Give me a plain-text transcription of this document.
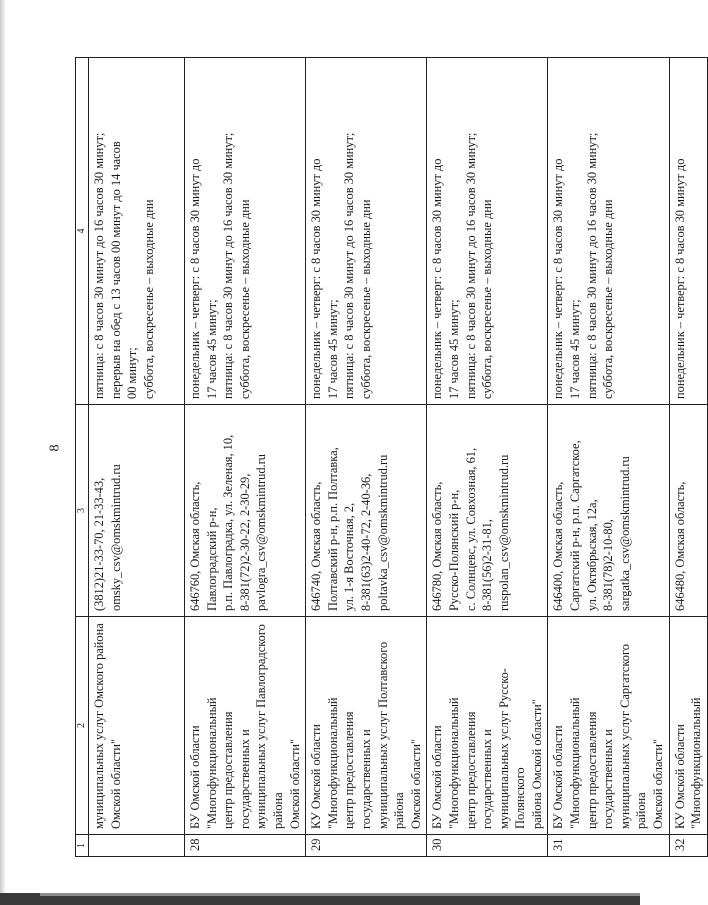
8
1	2	3	4

	муниципальных услуг Омского района Омской области"	(3812)21-33-70, 21-33-43, omsky_csv@omskmintrud.ru	пятница: с 8 часов 30 минут до 16 часов 30 минут; перерыв на обед с 13 часов 00 минут до 14 часов 00 минут; суббота, воскресенье – выходные дни

28	БУ Омской области "Многофункциональный центр предоставления государственных и муниципальных услуг Павлоградского района Омской области"	646760, Омская область, Павлоградский р-н, р.п. Павлоградка, ул. Зеленая, 10, 8-381(72)2-30-22, 2-30-29, pavlogra_csv@omskmintrud.ru	понедельник – четверг: с 8 часов 30 минут до 17 часов 45 минут; пятница: с 8 часов 30 минут до 16 часов 30 минут; суббота, воскресенье – выходные дни

29	КУ Омской области "Многофункциональный центр предоставления государственных и муниципальных услуг Полтавского района Омской области"	646740, Омская область, Полтавский р-н, р.п. Полтавка, ул. 1-я Восточная, 2, 8-381(63)2-40-72, 2-40-36, poltavka_csv@omskmintrud.ru	понедельник – четверг: с 8 часов 30 минут до 17 часов 45 минут; пятница: с 8 часов 30 минут до 16 часов 30 минут; суббота, воскресенье – выходные дни

30	БУ Омской области "Многофункциональный центр предоставления государственных и муниципальных услуг Русско-Полянского района Омской области"	646780, Омская область, Русско-Полянский р-н, с. Солнцевс, ул. Совхозная, 61, 8-381(56)2-31-81, ruspolan_csv@omskmintrud.ru	понедельник – четверг: с 8 часов 30 минут до 17 часов 45 минут; пятница: с 8 часов 30 минут до 16 часов 30 минут; суббота, воскресенье – выходные дни

31	БУ Омской области "Многофункциональный центр предоставления государственных и муниципальных услуг Саргатского района Омской области"	646400, Омская область, Саргатский р-н, р.п. Саргатское, ул. Октябрьская, 12а, 8-381(78)2-10-80, sargatka_csv@omskmintrud.ru	понедельник – четверг: с 8 часов 30 минут до 17 часов 45 минут; пятница: с 8 часов 30 минут до 16 часов 30 минут; суббота, воскресенье – выходные дни

32	КУ Омской области "Многофункциональный	646480, Омская область,	понедельник – четверг: с 8 часов 30 минут до
